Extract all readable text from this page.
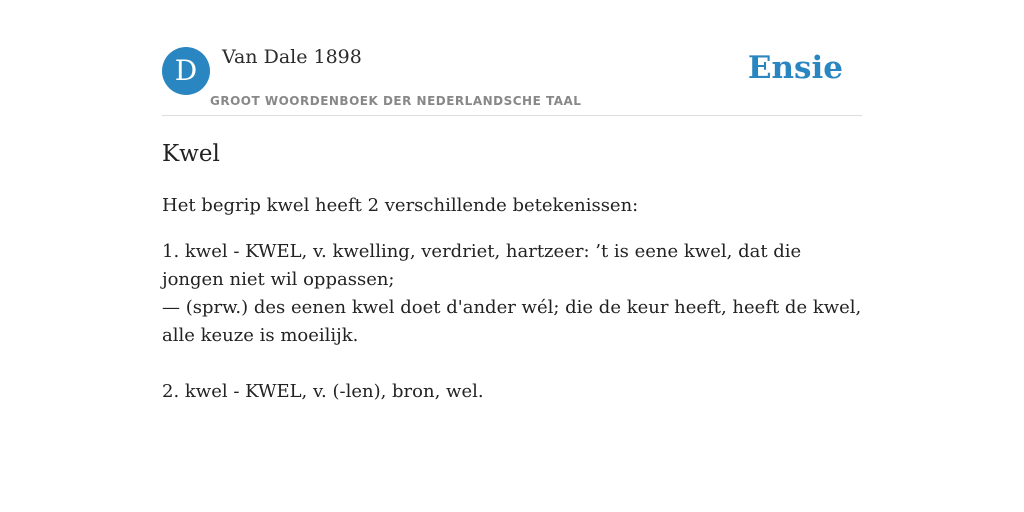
D	Van Dale 1898
GROOT WOORDENBOEK DER NEDERLANDSCHE TAAL
Ensie
Kwel

Het begrip kwel heeft 2 verschillende betekenissen:

1. kwel - KWEL, v. kwelling, verdriet, hartzeer: ’t is eene kwel, dat die jongen niet wil oppassen;
— (sprw.) des eenen kwel doet d'ander wél; die de keur heeft, heeft de kwel, alle keuze is moeilijk.

2. kwel - KWEL, v. (-len), bron, wel.
